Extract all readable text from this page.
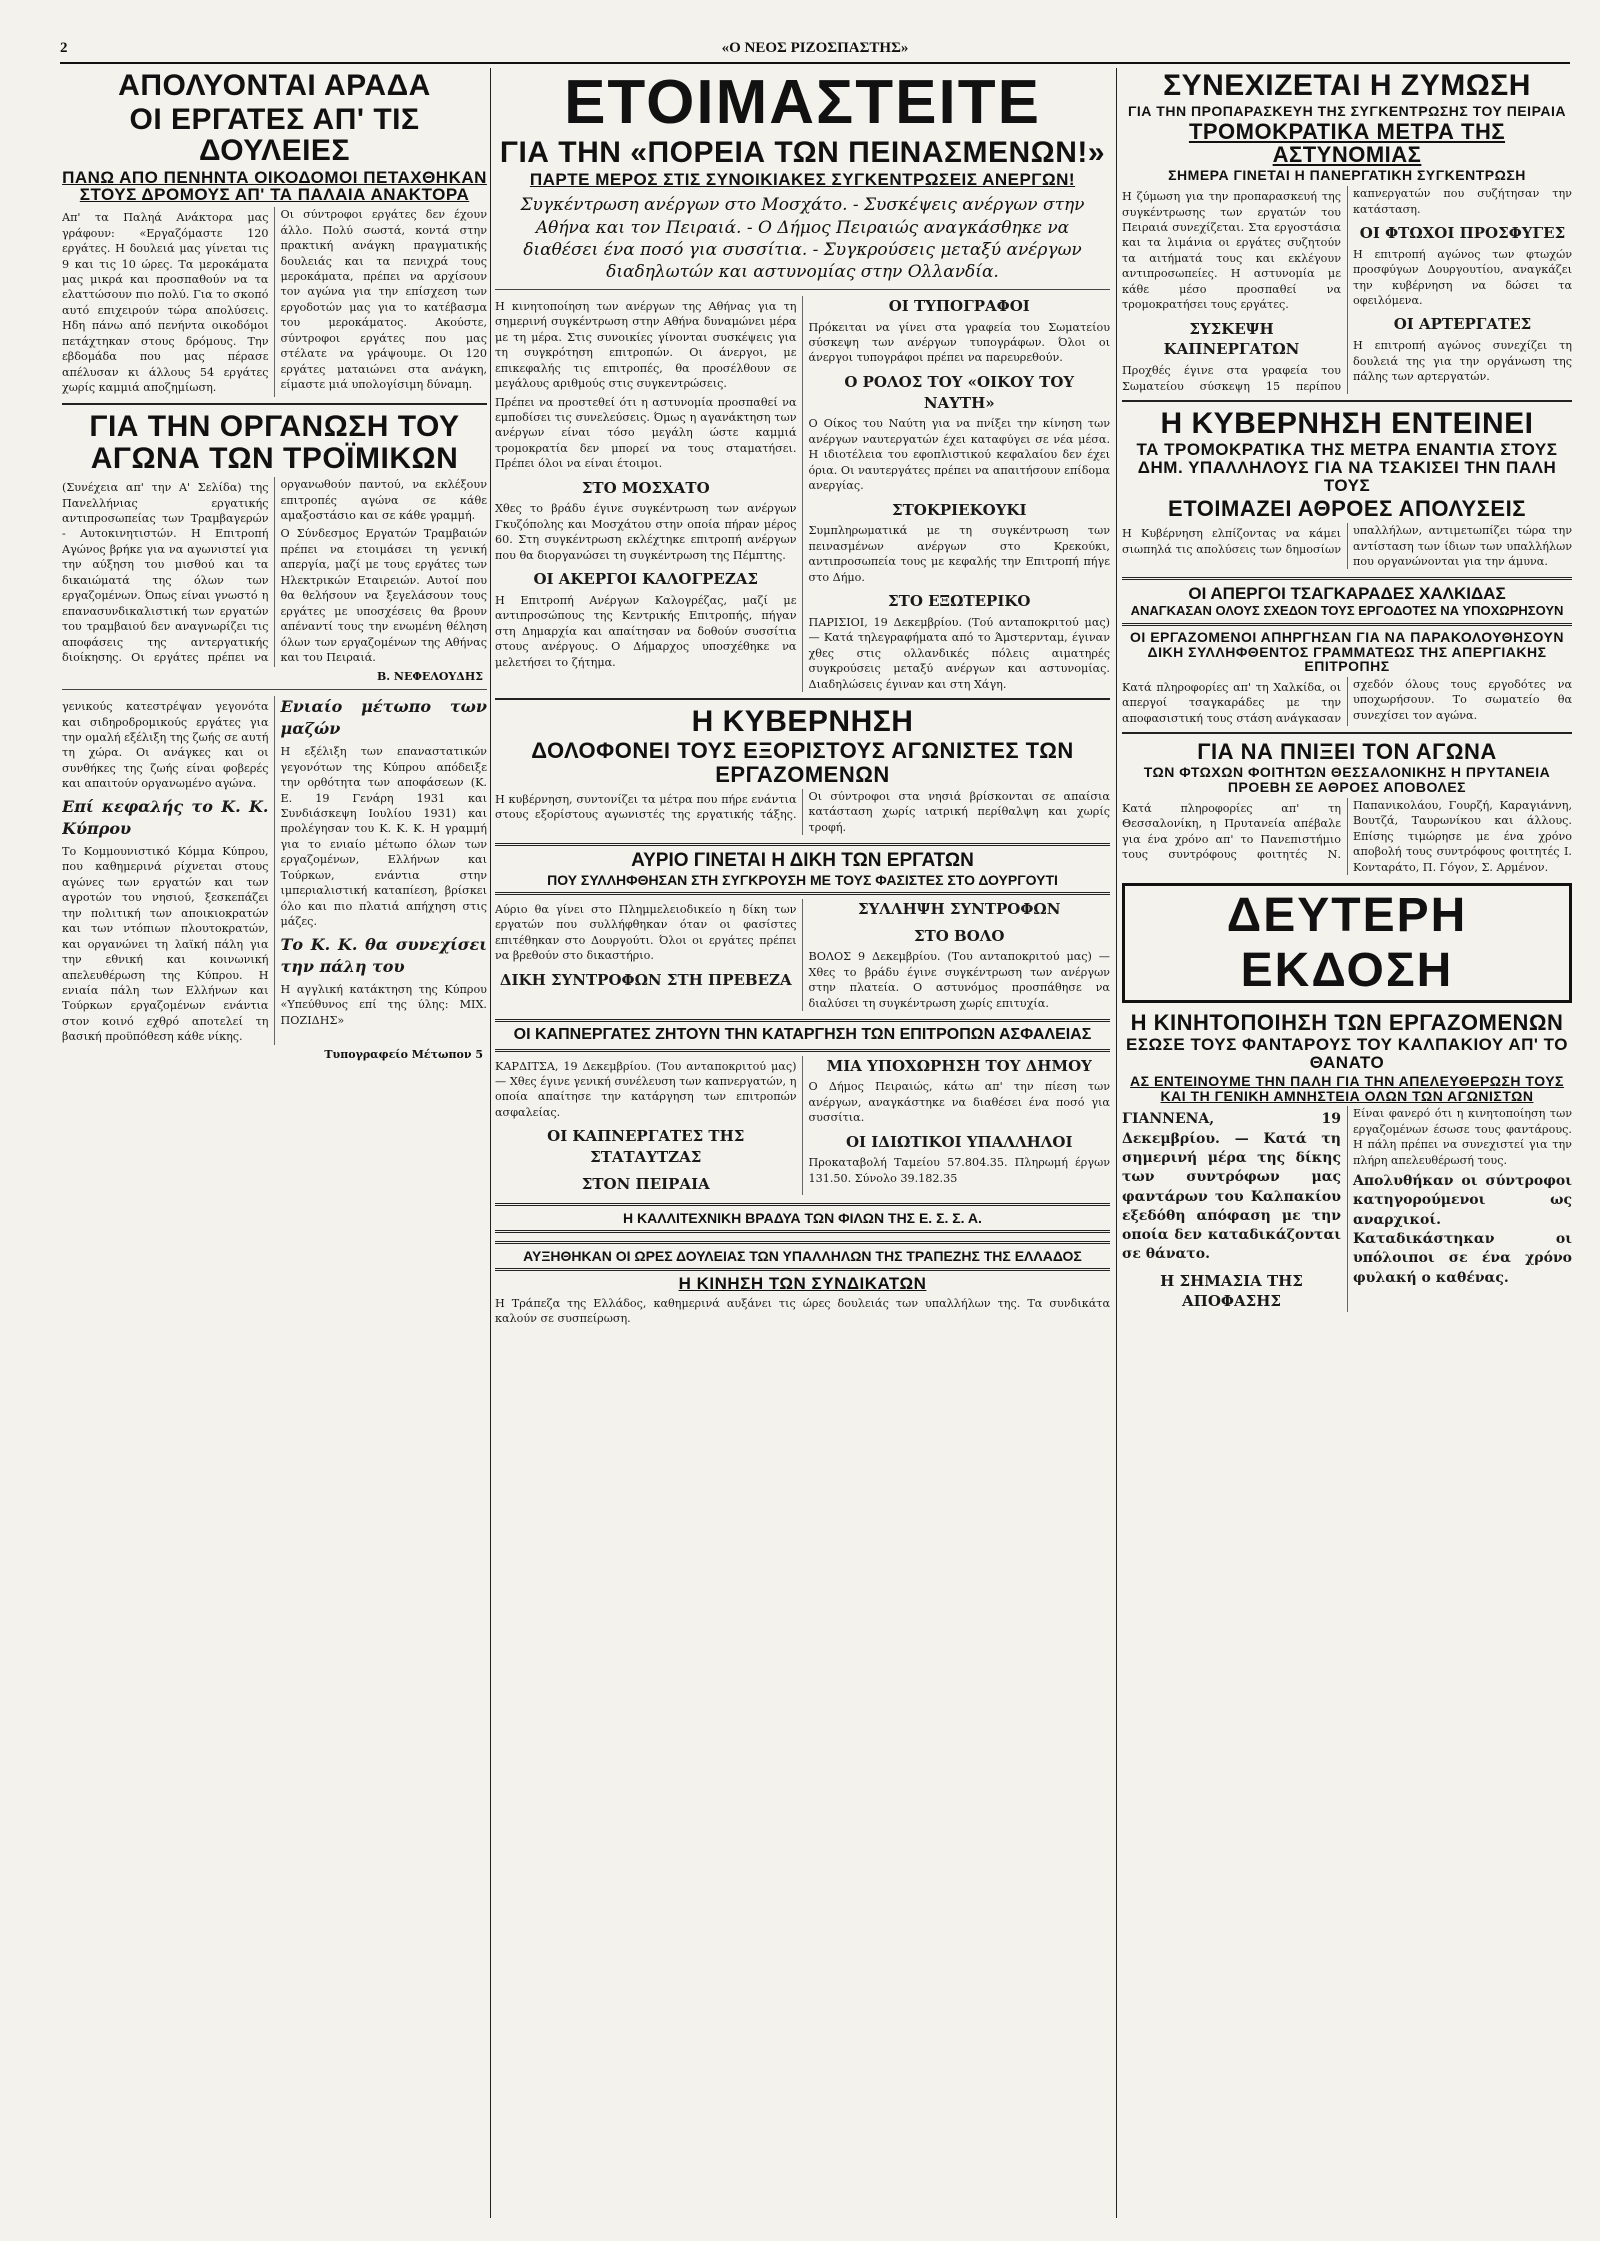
2	«Ο ΝΕΟΣ ΡΙΖΟΣΠΑΣΤΗΣ»
ΑΠΟΛΥΟΝΤΑΙ ΑΡΑΔΑ
ΟΙ ΕΡΓΑΤΕΣ ΑΠ' ΤΙΣ ΔΟΥΛΕΙΕΣ
ΠΑΝΩ ΑΠΟ ΠΕΝΗΝΤΑ ΟΙΚΟΔΟΜΟΙ ΠΕΤΑΧΘΗΚΑΝ ΣΤΟΥΣ ΔΡΟΜΟΥΣ ΑΠ' ΤΑ ΠΑΛΑΙΑ ΑΝΑΚΤΟΡΑ

Απ' τα Παληά Ανάκτορα μας γράφουν: «Εργαζόμαστε 120 εργάτες. Η δουλειά μας γίνεται τις 9 και τις 10 ώρες. Τα μεροκάματα μας μικρά και προσπαθούν να τα ελαττώσουν πιο πολύ. Για το σκοπό αυτό επιχειρούν τώρα απολύσεις. Ηδη πάνω από πενήντα οικοδόμοι πετάχτηκαν στους δρόμους. Την εβδομάδα που μας πέρασε απέλυσαν κι άλλους 54 εργάτες χωρίς καμμιά αποζημίωση.

Οι σύντροφοι εργάτες δεν έχουν άλλο. Πολύ σωστά, κοντά στην πρακτική ανάγκη πραγματικής δουλειάς και τα πενιχρά τους μεροκάματα, πρέπει να αρχίσουν τον αγώνα για την επίσχεση των εργοδοτών μας για το κατέβασμα του μεροκάματος. Ακούστε, σύντροφοι εργάτες που μας στέλατε να γράψουμε. Οι 120 εργάτες ματαιώνει στα ανάγκη, είμαστε μιά υπολογίσιμη δύναμη.

ΓΙΑ ΤΗΝ ΟΡΓΑΝΩΣΗ ΤΟΥ ΑΓΩΝΑ ΤΩΝ ΤΡΟΪΜΙΚΩΝ

(Συνέχεια απ' την Α' Σελίδα) της Πανελλήνιας εργατικής αντιπροσωπείας των Τραμβαγερών - Αυτοκινητιστών. Η Επιτροπή Αγώνος βρήκε για να αγωνιστεί για την αύξηση του μισθού και τα δικαιώματά της όλων των εργαζομένων. Όπως είναι γνωστό η επανασυνδικαλιστική των εργατών του τραμβαιού δεν αναγνωρίζει τις αποφάσεις της αντεργατικής διοίκησης. Οι εργάτες πρέπει να οργανωθούν παντού, να εκλέξουν επιτροπές αγώνα σε κάθε αμαξοστάσιο και σε κάθε γραμμή.

Ο Σύνδεσμος Εργατών Τραμβαιών πρέπει να ετοιμάσει τη γενική απεργία, μαζί με τους εργάτες των Ηλεκτρικών Εταιρειών. Αυτοί που θα θελήσουν να ξεγελάσουν τους εργάτες με υποσχέσεις θα βρουν απέναντί τους την ενωμένη θέληση όλων των εργαζομένων της Αθήνας και του Πειραιά.

Β. ΝΕΦΕΛΟΥΔΗΣ

γενικούς κατεστρέψαν γεγονότα και σιδηροδρομικούς εργάτες για την ομαλή εξέλιξη της ζωής σε αυτή τη χώρα. Οι ανάγκες και οι συνθήκες της ζωής είναι φοβερές και απαιτούν οργανωμένο αγώνα.

Επί κεφαλής το Κ. Κ. Κύπρου

Το Κομμουνιστικό Κόμμα Κύπρου, που καθημερινά ρίχνεται στους αγώνες των εργατών και των αγροτών του νησιού, ξεσκεπάζει την πολιτική των αποικιοκρατών και των ντόπιων πλουτοκρατών, και οργανώνει τη λαϊκή πάλη για την εθνική και κοινωνική απελευθέρωση της Κύπρου. Η ενιαία πάλη των Ελλήνων και Τούρκων εργαζομένων ενάντια στον κοινό εχθρό αποτελεί τη βασική προϋπόθεση κάθε νίκης.

Ενιαίο μέτωπο των μαζών

Η εξέλιξη των επαναστατικών γεγονότων της Κύπρου απόδειξε την ορθότητα των αποφάσεων (Κ. Ε. 19 Γενάρη 1931 και Συνδιάσκεψη Ιουλίου 1931) και προλέγησαν του Κ. Κ. Κ. Η γραμμή για το ενιαίο μέτωπο όλων των εργαζομένων, Ελλήνων και Τούρκων, ενάντια στην ιμπεριαλιστική καταπίεση, βρίσκει όλο και πιο πλατιά απήχηση στις μάζες.

Το Κ. Κ. θα συνεχίσει την πάλη του

Η αγγλική κατάκτηση της Κύπρου «Υπεύθυνος επί της ύλης: ΜΙΧ. ΠΟΖΙΔΗΣ»

Τυπογραφείο Μέτωπον 5
ΕΤΟΙΜΑΣΤΕΙΤΕ
ΓΙΑ ΤΗΝ «ΠΟΡΕΙΑ ΤΩΝ ΠΕΙΝΑΣΜΕΝΩΝ!»
ΠΑΡΤΕ ΜΕΡΟΣ ΣΤΙΣ ΣΥΝΟΙΚΙΑΚΕΣ ΣΥΓΚΕΝΤΡΩΣΕΙΣ ΑΝΕΡΓΩΝ!
Συγκέντρωση ανέργων στο Μοσχάτο. - Συσκέψεις ανέργων στην Αθήνα και τον Πειραιά. - Ο Δήμος Πειραιώς αναγκάσθηκε να διαθέσει ένα ποσό για συσσίτια. - Συγκρούσεις μεταξύ ανέργων διαδηλωτών και αστυνομίας στην Ολλανδία.

Η κινητοποίηση των ανέργων της Αθήνας για τη σημερινή συγκέντρωση στην Αθήνα δυναμώνει μέρα με τη μέρα. Στις συνοικίες γίνονται συσκέψεις για τη συγκρότηση επιτροπών. Οι άνεργοι, με επικεφαλής τις επιτροπές, θα προσέλθουν σε μεγάλους αριθμούς στις συγκεντρώσεις.

Πρέπει να προστεθεί ότι η αστυνομία προσπαθεί να εμποδίσει τις συνελεύσεις. Όμως η αγανάκτηση των ανέργων είναι τόσο μεγάλη ώστε καμμιά τρομοκρατία δεν μπορεί να τους σταματήσει. Πρέπει όλοι να είναι έτοιμοι.

ΣΤΟ ΜΟΣΧΑΤΟ

Χθες το βράδυ έγινε συγκέντρωση των ανέργων Γκυζόπολης και Μοσχάτου στην οποία πήραν μέρος 60. Στη συγκέντρωση εκλέχτηκε επιτροπή ανέργων που θα διοργανώσει τη συγκέντρωση της Πέμπτης.

ΟΙ ΑΚΕΡΓΟΙ ΚΑΛΟΓΡΕΖΑΣ

Η Επιτροπή Ανέργων Καλογρέζας, μαζί με αντιπροσώπους της Κεντρικής Επιτροπής, πήγαν στη Δημαρχία και απαίτησαν να δοθούν συσσίτια στους ανέργους. Ο Δήμαρχος υποσχέθηκε να μελετήσει το ζήτημα.

ΟΙ ΤΥΠΟΓΡΑΦΟΙ

Πρόκειται να γίνει στα γραφεία του Σωματείου σύσκεψη των ανέργων τυπογράφων. Όλοι οι άνεργοι τυπογράφοι πρέπει να παρευρεθούν.

Ο ΡΟΛΟΣ ΤΟΥ «ΟΙΚΟΥ ΤΟΥ ΝΑΥΤΗ»

Ο Οίκος του Ναύτη για να πνίξει την κίνηση των ανέργων ναυτεργατών έχει καταφύγει σε νέα μέσα. Η ιδιοτέλεια του εφοπλιστικού κεφαλαίου δεν έχει όρια. Οι ναυτεργάτες πρέπει να απαιτήσουν επίδομα ανεργίας.

ΣΤΟΚΡΙΕΚΟΥΚΙ

Συμπληρωματικά με τη συγκέντρωση των πεινασμένων ανέργων στο Κρεκούκι, αντιπροσωπεία τους με κεφαλής την Επιτροπή πήγε στο Δήμο.

ΣΤΟ ΕΞΩΤΕΡΙΚΟ

ΠΑΡΙΣΙΟΙ, 19 Δεκεμβρίου. (Τού ανταποκριτού μας) — Κατά τηλεγραφήματα από το Άμστερνταμ, έγιναν χθες στις ολλανδικές πόλεις αιματηρές συγκρούσεις μεταξύ ανέργων και αστυνομίας. Διαδηλώσεις έγιναν και στη Χάγη.

Η ΚΥΒΕΡΝΗΣΗ
ΔΟΛΟΦΟΝΕΙ ΤΟΥΣ ΕΞΟΡΙΣΤΟΥΣ ΑΓΩΝΙΣΤΕΣ ΤΩΝ ΕΡΓΑΖΟΜΕΝΩΝ

Η κυβέρνηση, συντονίζει τα μέτρα που πήρε ενάντια στους εξορίστους αγωνιστές της εργατικής τάξης. Οι σύντροφοι στα νησιά βρίσκονται σε απαίσια κατάσταση χωρίς ιατρική περίθαλψη και χωρίς τροφή.

ΑΥΡΙΟ ΓΙΝΕΤΑΙ Η ΔΙΚΗ ΤΩΝ ΕΡΓΑΤΩΝ
ΠΟΥ ΣΥΛΛΗΦΘΗΣΑΝ ΣΤΗ ΣΥΓΚΡΟΥΣΗ ΜΕ ΤΟΥΣ ΦΑΣΙΣΤΕΣ ΣΤΟ ΔΟΥΡΓΟΥΤΙ

Αύριο θα γίνει στο Πλημμελειοδικείο η δίκη των εργατών που συλλήφθηκαν όταν οι φασίστες επιτέθηκαν στο Δουργούτι. Όλοι οι εργάτες πρέπει να βρεθούν στο δικαστήριο.

ΔΙΚΗ ΣΥΝΤΡΟΦΩΝ ΣΤΗ ΠΡΕΒΕΖΑ
ΣΥΛΛΗΨΗ ΣΥΝΤΡΟΦΩΝ
ΣΤΟ ΒΟΛΟ

ΒΟΛΟΣ 9 Δεκεμβρίου. (Του ανταποκριτού μας) — Χθες το βράδυ έγινε συγκέντρωση των ανέργων στην πλατεία. Ο αστυνόμος προσπάθησε να διαλύσει τη συγκέντρωση χωρίς επιτυχία.

ΟΙ ΚΑΠΝΕΡΓΑΤΕΣ ΖΗΤΟΥΝ ΤΗΝ ΚΑΤΑΡΓΗΣΗ ΤΩΝ ΕΠΙΤΡΟΠΩΝ ΑΣΦΑΛΕΙΑΣ

ΚΑΡΔΙΤΣΑ, 19 Δεκεμβρίου. (Του ανταποκριτού μας) — Χθες έγινε γενική συνέλευση των καπνεργατών, η οποία απαίτησε την κατάργηση των επιτροπών ασφαλείας.

ΟΙ ΚΑΠΝΕΡΓΑΤΕΣ ΤΗΣ ΣΤΑΤΑΥΤΖΑΣ
ΣΤΟΝ ΠΕΙΡΑΙΑ
ΜΙΑ ΥΠΟΧΩΡΗΣΗ ΤΟΥ ΔΗΜΟΥ

Ο Δήμος Πειραιώς, κάτω απ' την πίεση των ανέργων, αναγκάστηκε να διαθέσει ένα ποσό για συσσίτια.

ΟΙ ΙΔΙΩΤΙΚΟΙ ΥΠΑΛΛΗΛΟΙ

Προκαταβολή Ταμείου 57.804.35. Πληρωμή έργων 131.50. Σύνολο 39.182.35

Η ΚΑΛΛΙΤΕΧΝΙΚΗ ΒΡΑΔΥΑ ΤΩΝ ΦΙΛΩΝ ΤΗΣ Ε. Σ. Σ. Α.
ΑΥΞΗΘΗΚΑΝ ΟΙ ΩΡΕΣ ΔΟΥΛΕΙΑΣ ΤΩΝ ΥΠΑΛΛΗΛΩΝ ΤΗΣ ΤΡΑΠΕΖΗΣ ΤΗΣ ΕΛΛΑΔΟΣ
Η ΚΙΝΗΣΗ ΤΩΝ ΣΥΝΔΙΚΑΤΩΝ

Η Τράπεζα της Ελλάδος, καθημερινά αυξάνει τις ώρες δουλειάς των υπαλλήλων της. Τα συνδικάτα καλούν σε συσπείρωση.

ΣΥΝΕΧΙΖΕΤΑΙ Η ΖΥΜΩΣΗ
ΓΙΑ ΤΗΝ ΠΡΟΠΑΡΑΣΚΕΥΗ ΤΗΣ ΣΥΓΚΕΝΤΡΩΣΗΣ ΤΟΥ ΠΕΙΡΑΙΑ
ΤΡΟΜΟΚΡΑΤΙΚΑ ΜΕΤΡΑ ΤΗΣ ΑΣΤΥΝΟΜΙΑΣ
ΣΗΜΕΡΑ ΓΙΝΕΤΑΙ Η ΠΑΝΕΡΓΑΤΙΚΗ ΣΥΓΚΕΝΤΡΩΣΗ

Η ζύμωση για την προπαρασκευή της συγκέντρωσης των εργατών του Πειραιά συνεχίζεται. Στα εργοστάσια και τα λιμάνια οι εργάτες συζητούν τα αιτήματά τους και εκλέγουν αντιπροσωπείες. Η αστυνομία με κάθε μέσο προσπαθεί να τρομοκρατήσει τους εργάτες.

ΣΥΣΚΕΨΗ ΚΑΠΝΕΡΓΑΤΩΝ

Προχθές έγινε στα γραφεία του Σωματείου σύσκεψη 15 περίπου καπνεργατών που συζήτησαν την κατάσταση.

ΟΙ ΦΤΩΧΟΙ ΠΡΟΣΦΥΓΕΣ

Η επιτροπή αγώνος των φτωχών προσφύγων Δουργουτίου, αναγκάζει την κυβέρνηση να δώσει τα οφειλόμενα.

ΟΙ ΑΡΤΕΡΓΑΤΕΣ

Η επιτροπή αγώνος συνεχίζει τη δουλειά της για την οργάνωση της πάλης των αρτεργατών.

Η ΚΥΒΕΡΝΗΣΗ ΕΝΤΕΙΝΕΙ
ΤΑ ΤΡΟΜΟΚΡΑΤΙΚΑ ΤΗΣ ΜΕΤΡΑ ΕΝΑΝΤΙΑ ΣΤΟΥΣ ΔΗΜ. ΥΠΑΛΛΗΛΟΥΣ ΓΙΑ ΝΑ ΤΣΑΚΙΣΕΙ ΤΗΝ ΠΑΛΗ ΤΟΥΣ
ΕΤΟΙΜΑΖΕΙ ΑΘΡΟΕΣ ΑΠΟΛΥΣΕΙΣ

Η Κυβέρνηση ελπίζοντας να κάμει σιωπηλά τις απολύσεις των δημοσίων υπαλλήλων, αντιμετωπίζει τώρα την αντίσταση των ίδιων των υπαλλήλων που οργανώνονται για την άμυνα.

ΟΙ ΑΠΕΡΓΟΙ ΤΣΑΓΚΑΡΑΔΕΣ ΧΑΛΚΙΔΑΣ
ΑΝΑΓΚΑΣΑΝ ΟΛΟΥΣ ΣΧΕΔΟΝ ΤΟΥΣ ΕΡΓΟΔΟΤΕΣ ΝΑ ΥΠΟΧΩΡΗΣΟΥΝ
ΟΙ ΕΡΓΑΖΟΜΕΝΟΙ ΑΠΗΡΓΗΣΑΝ ΓΙΑ ΝΑ ΠΑΡΑΚΟΛΟΥΘΗΣΟΥΝ ΔΙΚΗ ΣΥΛΛΗΦΘΕΝΤΟΣ ΓΡΑΜΜΑΤΕΩΣ ΤΗΣ ΑΠΕΡΓΙΑΚΗΣ ΕΠΙΤΡΟΠΗΣ

Κατά πληροφορίες απ' τη Χαλκίδα, οι απεργοί τσαγκαράδες με την αποφασιστική τους στάση ανάγκασαν σχεδόν όλους τους εργοδότες να υποχωρήσουν. Το σωματείο θα συνεχίσει τον αγώνα.

ΓΙΑ ΝΑ ΠΝΙΞΕΙ ΤΟΝ ΑΓΩΝΑ
ΤΩΝ ΦΤΩΧΩΝ ΦΟΙΤΗΤΩΝ ΘΕΣΣΑΛΟΝΙΚΗΣ Η ΠΡΥΤΑΝΕΙΑ ΠΡΟΕΒΗ ΣΕ ΑΘΡΟΕΣ ΑΠΟΒΟΛΕΣ

Κατά πληροφορίες απ' τη Θεσσαλονίκη, η Πρυτανεία απέβαλε για ένα χρόνο απ' το Πανεπιστήμιο τους συντρόφους φοιτητές Ν. Παπανικολάου, Γουρζή, Καραγιάννη, Βουτζά, Ταυρωνίκου και άλλους. Επίσης τιμώρησε με ένα χρόνο αποβολή τους συντρόφους φοιτητές Ι. Κονταράτο, Π. Γόγον, Σ. Αρμένον.

ΔΕΥΤΕΡΗ ΕΚΔΟΣΗ
Η ΚΙΝΗΤΟΠΟΙΗΣΗ ΤΩΝ ΕΡΓΑΖΟΜΕΝΩΝ
ΕΣΩΣΕ ΤΟΥΣ ΦΑΝΤΑΡΟΥΣ ΤΟΥ ΚΑΛΠΑΚΙΟΥ ΑΠ' ΤΟ ΘΑΝΑΤΟ
ΑΣ ΕΝΤΕΙΝΟΥΜΕ ΤΗΝ ΠΑΛΗ ΓΙΑ ΤΗΝ ΑΠΕΛΕΥΘΕΡΩΣΗ ΤΟΥΣ ΚΑΙ ΤΗ ΓΕΝΙΚΗ ΑΜΝΗΣΤΕΙΑ ΟΛΩΝ ΤΩΝ ΑΓΩΝΙΣΤΩΝ

ΓΙΑΝΝΕΝΑ, 19 Δεκεμβρίου. — Κατά τη σημερινή μέρα της δίκης των συντρόφων μας φαντάρων του Καλπακίου εξεδόθη απόφαση με την οποία δεν καταδικάζονται σε θάνατο.

Η ΣΗΜΑΣΙΑ ΤΗΣ ΑΠΟΦΑΣΗΣ

Είναι φανερό ότι η κινητοποίηση των εργαζομένων έσωσε τους φαντάρους. Η πάλη πρέπει να συνεχιστεί για την πλήρη απελευθέρωσή τους.

Απολυθήκαν οι σύντροφοι κατηγορούμενοι ως αναρχικοί. Καταδικάστηκαν οι υπόλοιποι σε ένα χρόνο φυλακή ο καθένας.
